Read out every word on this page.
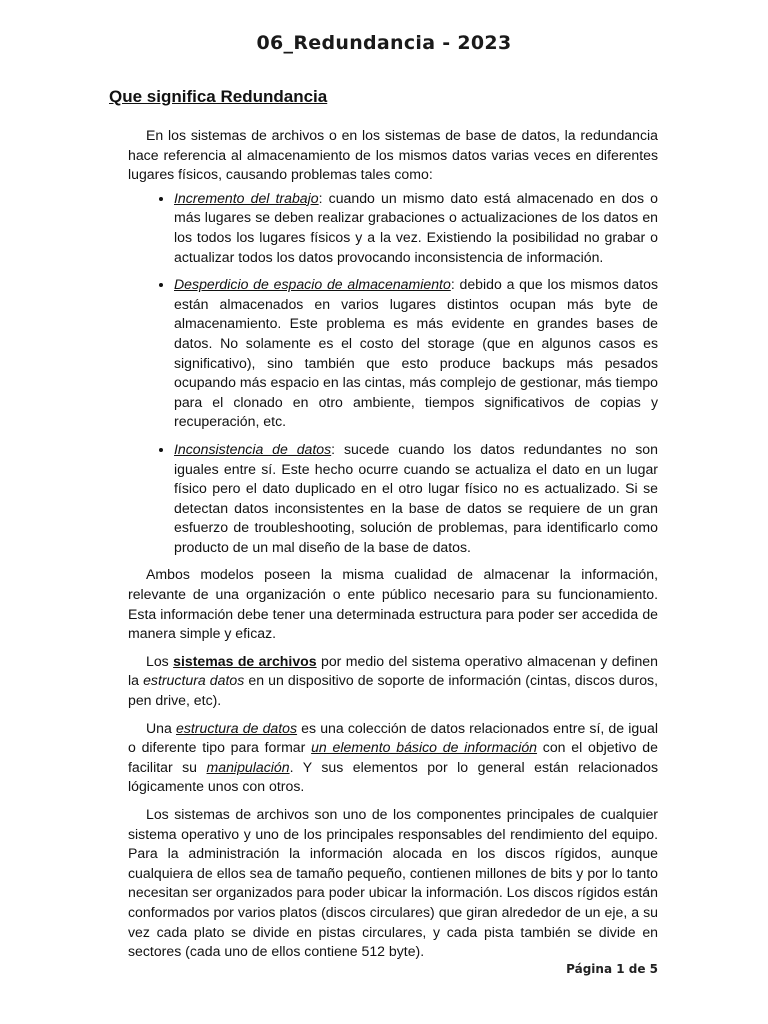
06_Redundancia - 2023
Que significa Redundancia

En los sistemas de archivos o en los sistemas de base de datos, la redundancia hace referencia al almacenamiento de los mismos datos varias veces en diferentes lugares físicos, causando problemas tales como:

• Incremento del trabajo: cuando un mismo dato está almacenado en dos o más lugares se deben realizar grabaciones o actualizaciones de los datos en los todos los lugares físicos y a la vez. Existiendo la posibilidad no grabar o actualizar todos los datos provocando inconsistencia de información.
• Desperdicio de espacio de almacenamiento: debido a que los mismos datos están almacenados en varios lugares distintos ocupan más byte de almacenamiento. Este problema es más evidente en grandes bases de datos. No solamente es el costo del storage (que en algunos casos es significativo), sino también que esto produce backups más pesados ocupando más espacio en las cintas, más complejo de gestionar, más tiempo para el clonado en otro ambiente, tiempos significativos de copias y recuperación, etc.
• Inconsistencia de datos: sucede cuando los datos redundantes no son iguales entre sí. Este hecho ocurre cuando se actualiza el dato en un lugar físico pero el dato duplicado en el otro lugar físico no es actualizado. Si se detectan datos inconsistentes en la base de datos se requiere de un gran esfuerzo de troubleshooting, solución de problemas, para identificarlo como producto de un mal diseño de la base de datos.

Ambos modelos poseen la misma cualidad de almacenar la información, relevante de una organización o ente público necesario para su funcionamiento. Esta información debe tener una determinada estructura para poder ser accedida de manera simple y eficaz.

Los sistemas de archivos por medio del sistema operativo almacenan y definen la estructura datos en un dispositivo de soporte de información (cintas, discos duros, pen drive, etc).

Una estructura de datos es una colección de datos relacionados entre sí, de igual o diferente tipo para formar un elemento básico de información con el objetivo de facilitar su manipulación. Y sus elementos por lo general están relacionados lógicamente unos con otros.

Los sistemas de archivos son uno de los componentes principales de cualquier sistema operativo y uno de los principales responsables del rendimiento del equipo. Para la administración la información alocada en los discos rígidos, aunque cualquiera de ellos sea de tamaño pequeño, contienen millones de bits y por lo tanto necesitan ser organizados para poder ubicar la información. Los discos rígidos están conformados por varios platos (discos circulares) que giran alrededor de un eje, a su vez cada plato se divide en pistas circulares, y cada pista también se divide en sectores (cada uno de ellos contiene 512 byte).

Página 1 de 5
